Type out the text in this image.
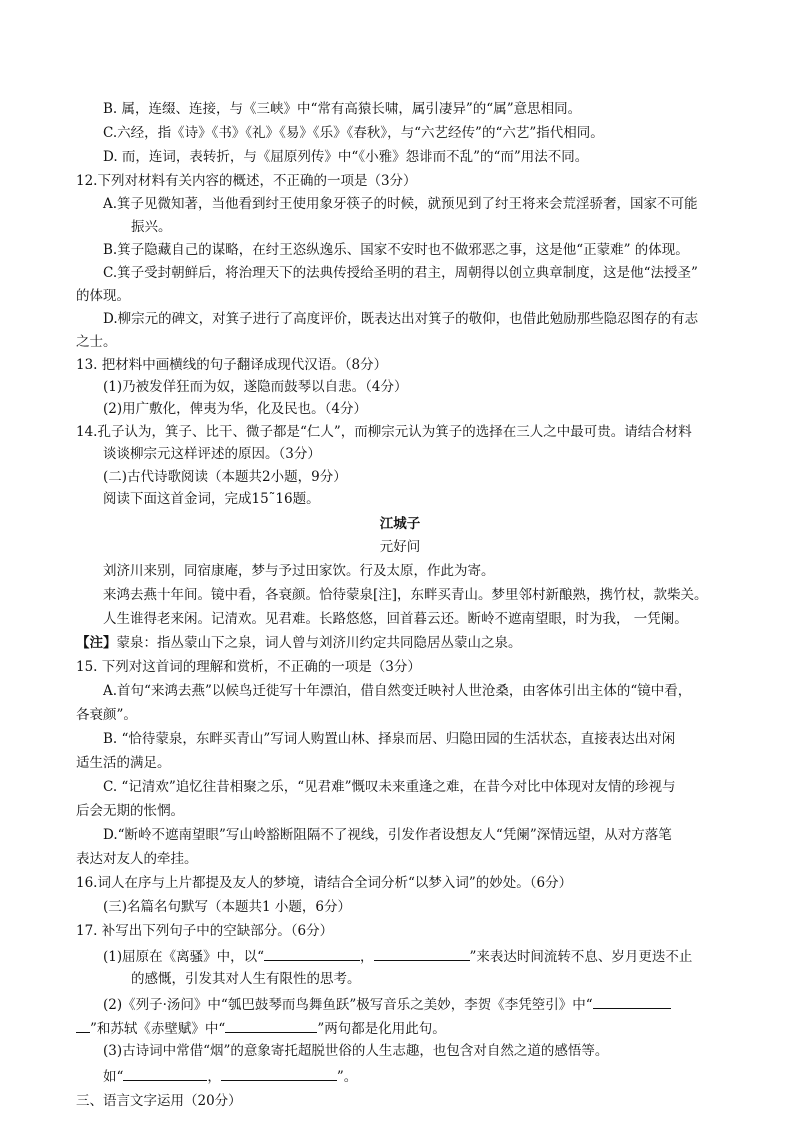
B. 属，连缀、连接，与《三峡》中“常有高猿长啸，属引凄异”的“属”意思相同。
C.六经，指《诗》《书》《礼》《易》《乐》《春秋》，与“六艺经传”的“六艺”指代相同。
D. 而，连词，表转折，与《屈原列传》中“《小雅》怨诽而不乱”的“而”用法不同。
12.下列对材料有关内容的概述，不正确的一项是（3分）
A.箕子见微知著，当他看到纣王使用象牙筷子的时候，就预见到了纣王将来会荒淫骄奢，国家不可能
振兴。
B.箕子隐藏自己的谋略，在纣王恣纵逸乐、国家不安时也不做邪恶之事，这是他“正蒙难” 的体现。
C.箕子受封朝鲜后，将治理天下的法典传授给圣明的君主，周朝得以创立典章制度，这是他“法授圣”
的体现。
D.柳宗元的碑文，对箕子进行了高度评价，既表达出对箕子的敬仰，也借此勉励那些隐忍图存的有志
之士。
13. 把材料中画横线的句子翻译成现代汉语。（8分）
(1)乃被发佯狂而为奴，遂隐而鼓琴以自悲。（4分）
(2)用广敷化，俾夷为华，化及民也。（4分）
14.孔子认为，箕子、比干、微子都是“仁人”，而柳宗元认为箕子的选择在三人之中最可贵。请结合材料
谈谈柳宗元这样评述的原因。（3分）
(二)古代诗歌阅读（本题共2小题，9分）
阅读下面这首金词，完成15˜16题。
江城子
元好问
刘济川来别，同宿康庵，梦与予过田家饮。行及太原，作此为寄。
来鸿去燕十年间。镜中看，各衰颜。恰待蒙泉[注]，东畔买青山。梦里邻村新酿熟，携竹杖，款柴关。
人生谁得老来闲。记清欢。见君难。长路悠悠，回首暮云还。断岭不遮南望眼，时为我， 一凭阑。
【注】蒙泉：指丛蒙山下之泉，词人曾与刘济川约定共同隐居丛蒙山之泉。
15. 下列对这首词的理解和赏析，不正确的一项是（3分）
A.首句“来鸿去燕”以候鸟迁徙写十年漂泊，借自然变迁映衬人世沧桑，由客体引出主体的“镜中看，
各衰颜”。
B. “恰待蒙泉，东畔买青山”写词人购置山林、择泉而居、归隐田园的生活状态，直接表达出对闲
适生活的满足。
C. “记清欢”追忆往昔相聚之乐，“见君难”慨叹未来重逢之难，在昔今对比中体现对友情的珍视与
后会无期的怅惘。
D.“断岭不遮南望眼”写山岭豁断阻隔不了视线，引发作者设想友人“凭阑”深情远望，从对方落笔
表达对友人的牵挂。
16.词人在序与上片都提及友人的梦境，请结合全词分析“以梦入词”的妙处。（6分）
(三)名篇名句默写（本题共1 小题，6分）
17. 补写出下列句子中的空缺部分。（6分）
(1)屈原在《离骚》中，以“	，	”来表达时间流转不息、岁月更迭不止
的感慨，引发其对人生有限性的思考。
(2)《列子·汤问》中“瓠巴鼓琴而鸟舞鱼跃”极写音乐之美妙，李贺《李凭箜引》中“
”和苏轼《赤壁赋》中“	”两句都是化用此句。
(3)古诗词中常借“烟”的意象寄托超脱世俗的人生志趣，也包含对自然之道的感悟等。
如“	，	”。
三、语言文字运用（20分）
